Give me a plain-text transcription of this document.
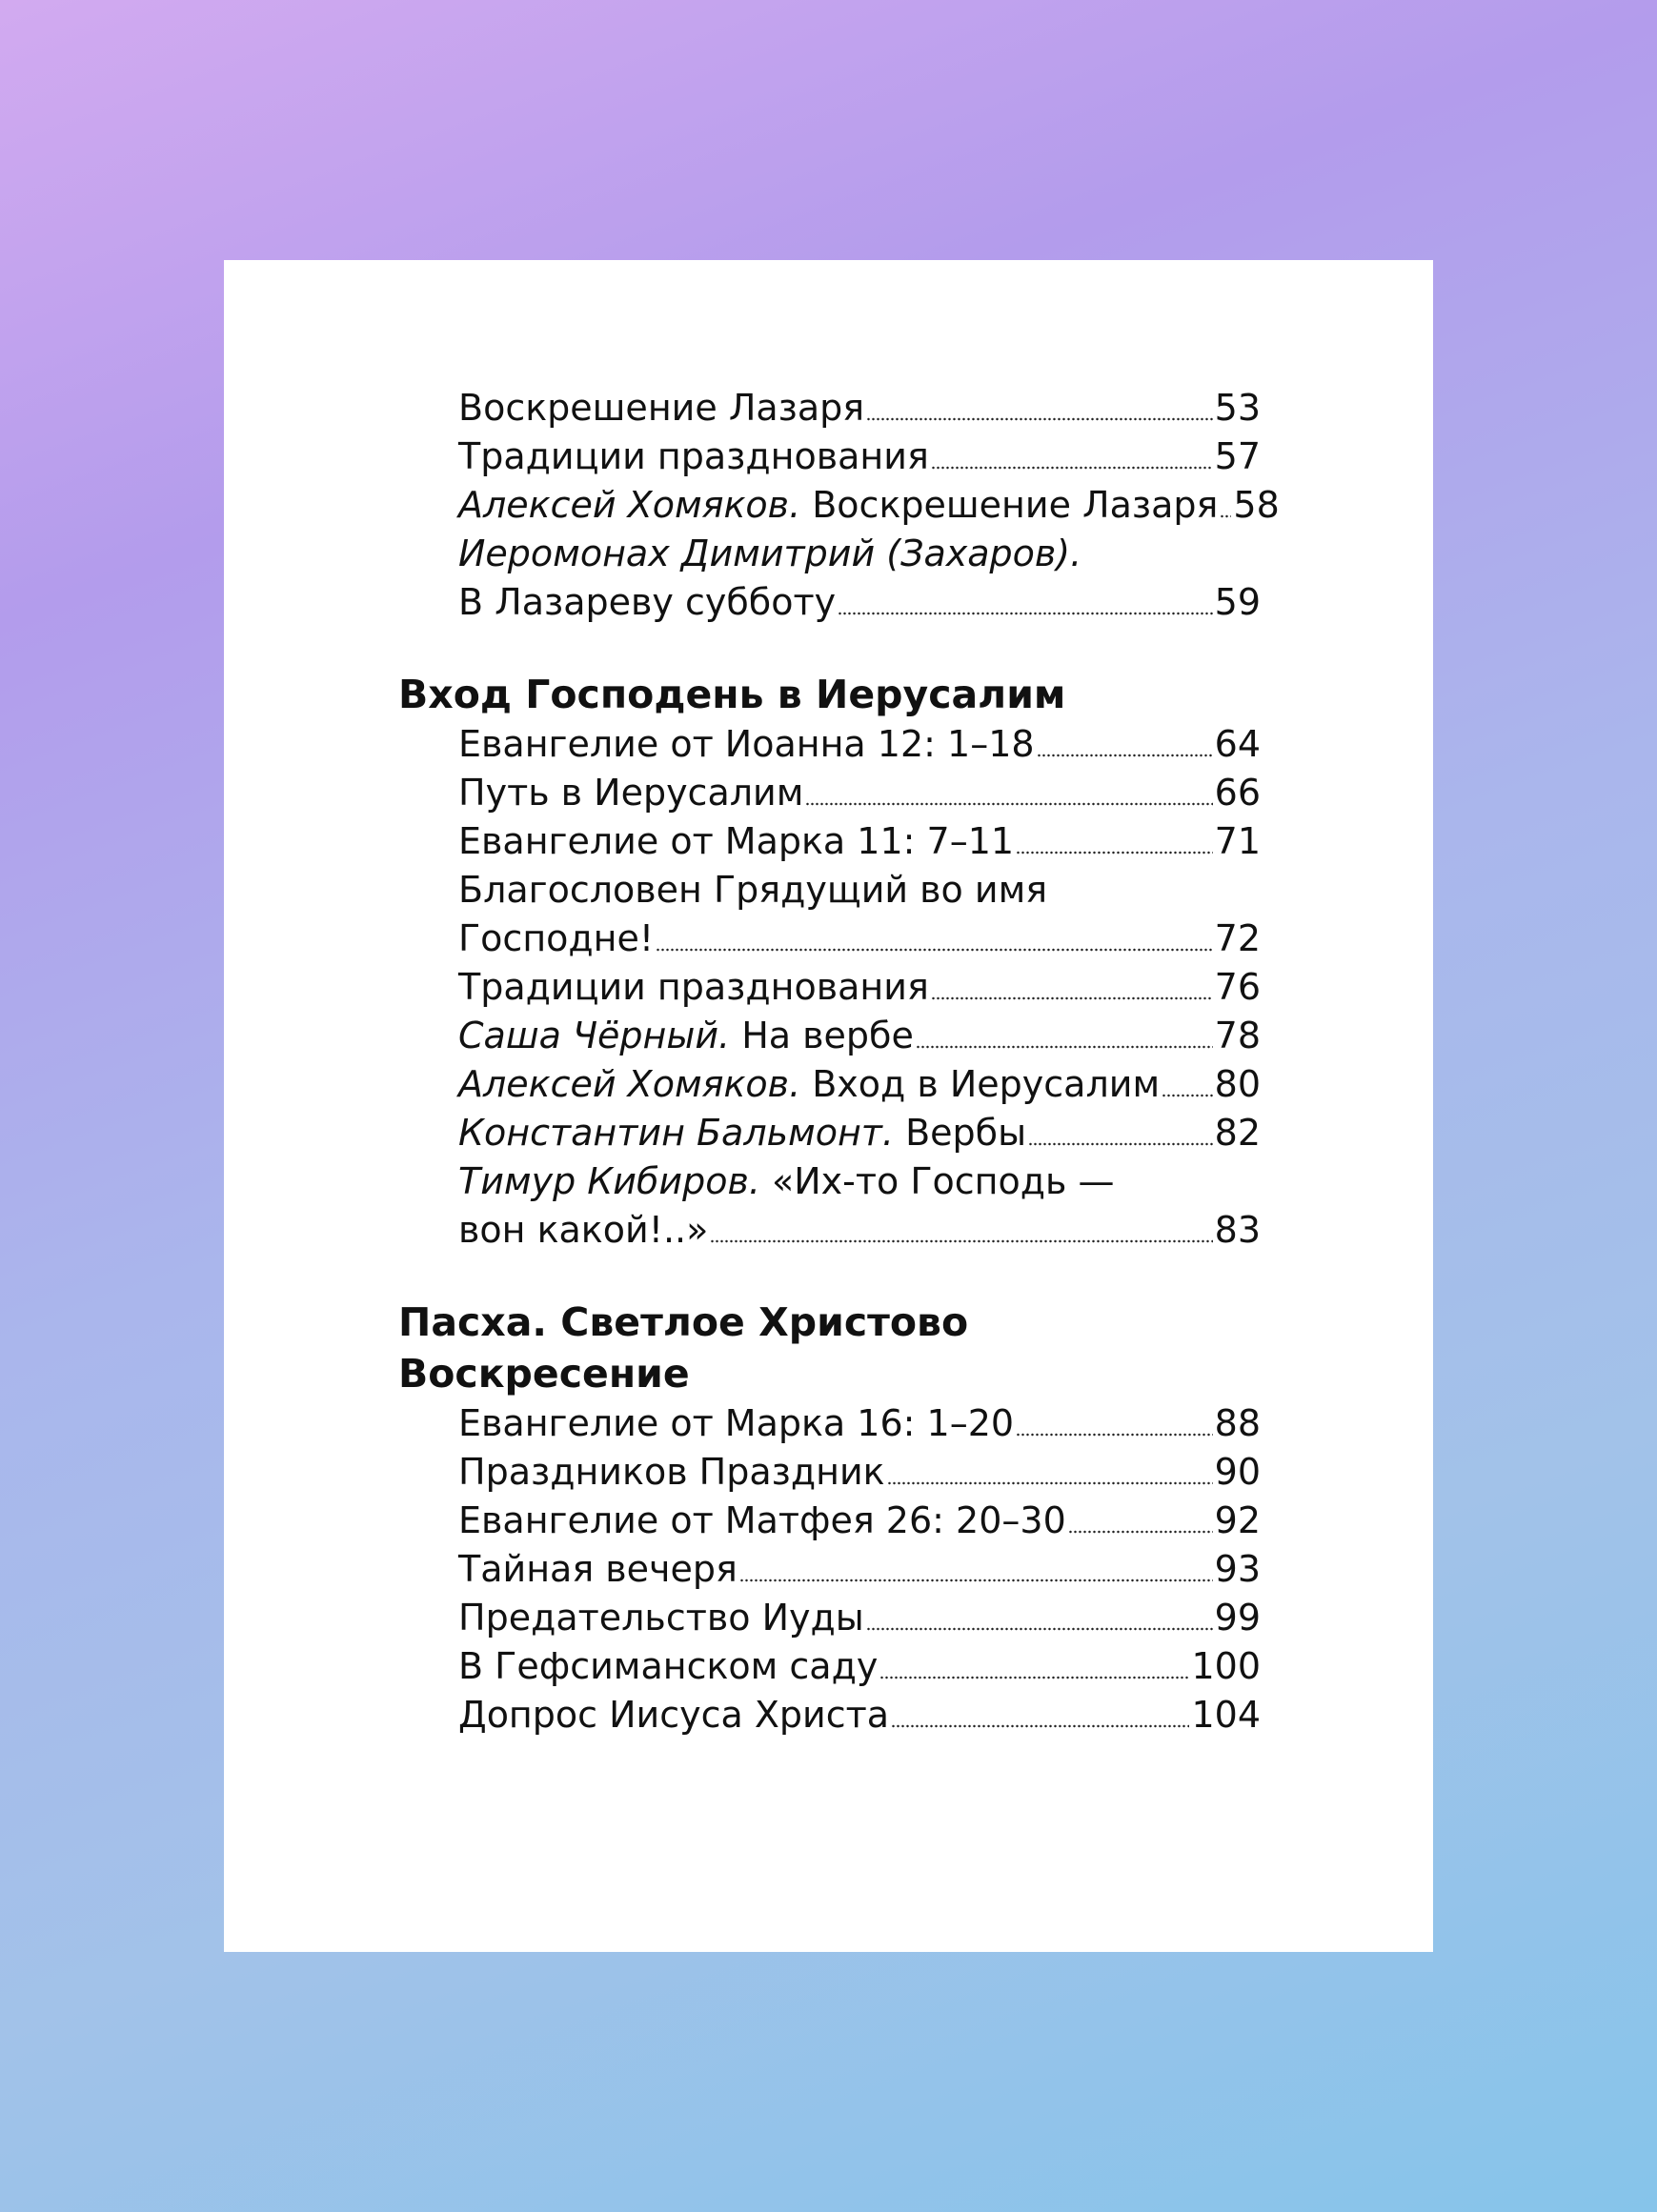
Воскрешение Лазаря	53
Традиции празднования	57
Алексей Хомяков. Воскрешение Лазаря 58
Иеромонах Димитрий (Захаров).
В Лазареву субботу	59
Вход Господень в Иерусалим
Евангелие от Иоанна 12: 1–18	64
Путь в Иерусалим	66
Евангелие от Марка 11: 7–11	71
Благословен Грядущий во имя
Господне!	72
Традиции празднования	76
Саша Чёрный. На вербе	78
Алексей Хомяков. Вход в Иерусалим 80
Константин Бальмонт. Вербы	82
Тимур Кибиров. «Их-то Господь —
вон какой!..»	83
Пасха. Светлое Христово Воскресение
Евангелие от Марка 16: 1–20	88
Праздников Праздник	90
Евангелие от Матфея 26: 20–30	92
Тайная вечеря	93
Предательство Иуды	99
В Гефсиманском саду	100
Допрос Иисуса Христа	104
